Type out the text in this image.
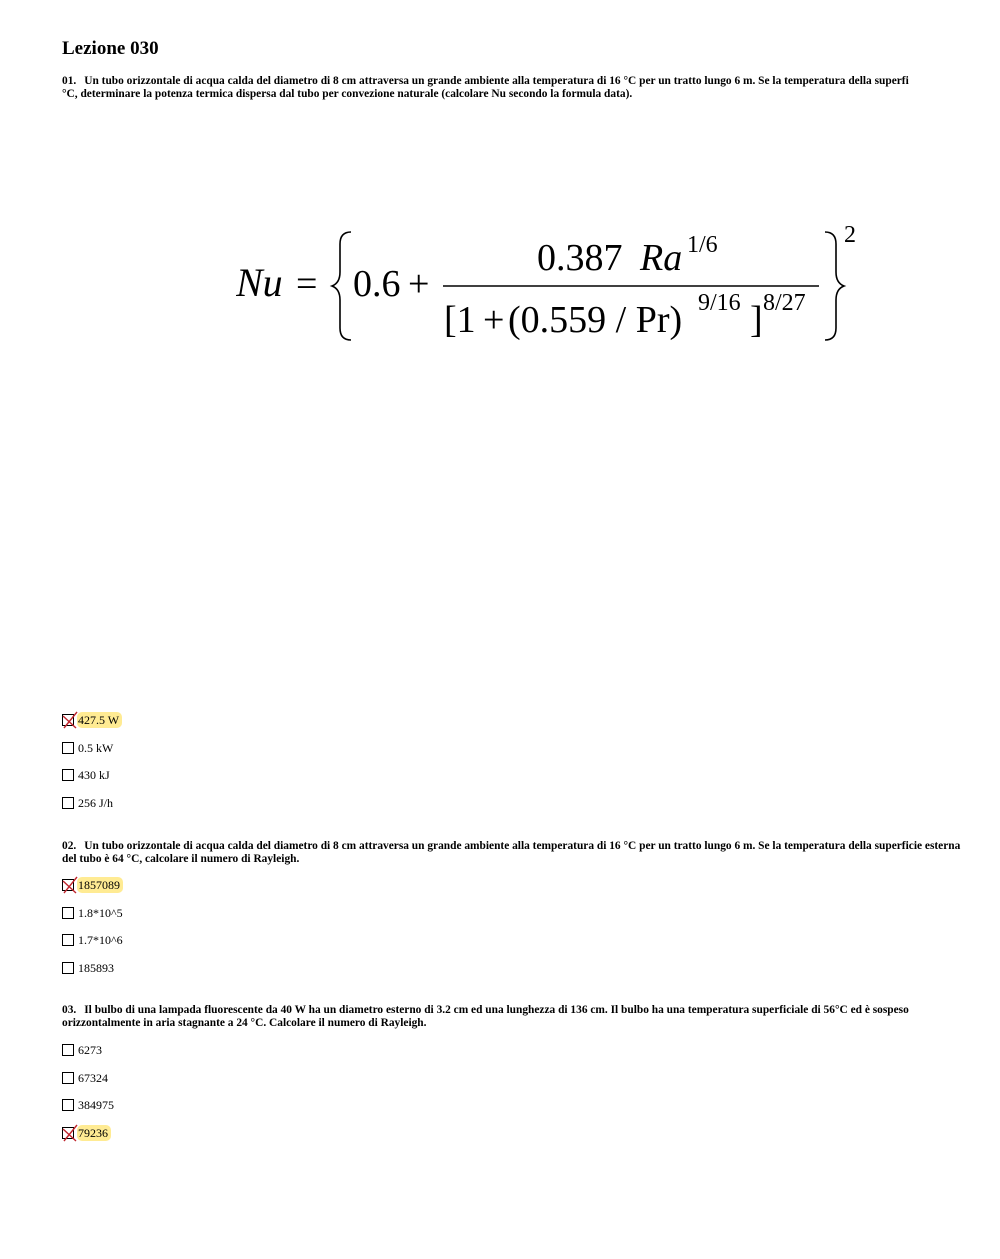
Lezione 030
01. Un tubo orizzontale di acqua calda del diametro di 8 cm attraversa un grande ambiente alla temperatura di 16 °C per un tratto lungo 6 m. Se la temperatura della superfi
°C, determinare la potenza termica dispersa dal tubo per convezione naturale (calcolare Nu secondo la formula data).
Nu = 0.6 +
0.387 Ra 1/6
[1 + (0.559 / Pr) 9/16 ] 8/27
2
427.5 W
0.5 kW
430 kJ
256 J/h
02. Un tubo orizzontale di acqua calda del diametro di 8 cm attraversa un grande ambiente alla temperatura di 16 °C per un tratto lungo 6 m. Se la temperatura della superficie esterna del tubo è 64 °C, calcolare il numero di Rayleigh.
1857089
1.8*10^5
1.7*10^6
185893
03. Il bulbo di una lampada fluorescente da 40 W ha un diametro esterno di 3.2 cm ed una lunghezza di 136 cm. Il bulbo ha una temperatura superficiale di 56°C ed è sospeso orizzontalmente in aria stagnante a 24 °C. Calcolare il numero di Rayleigh.
6273
67324
384975
79236
